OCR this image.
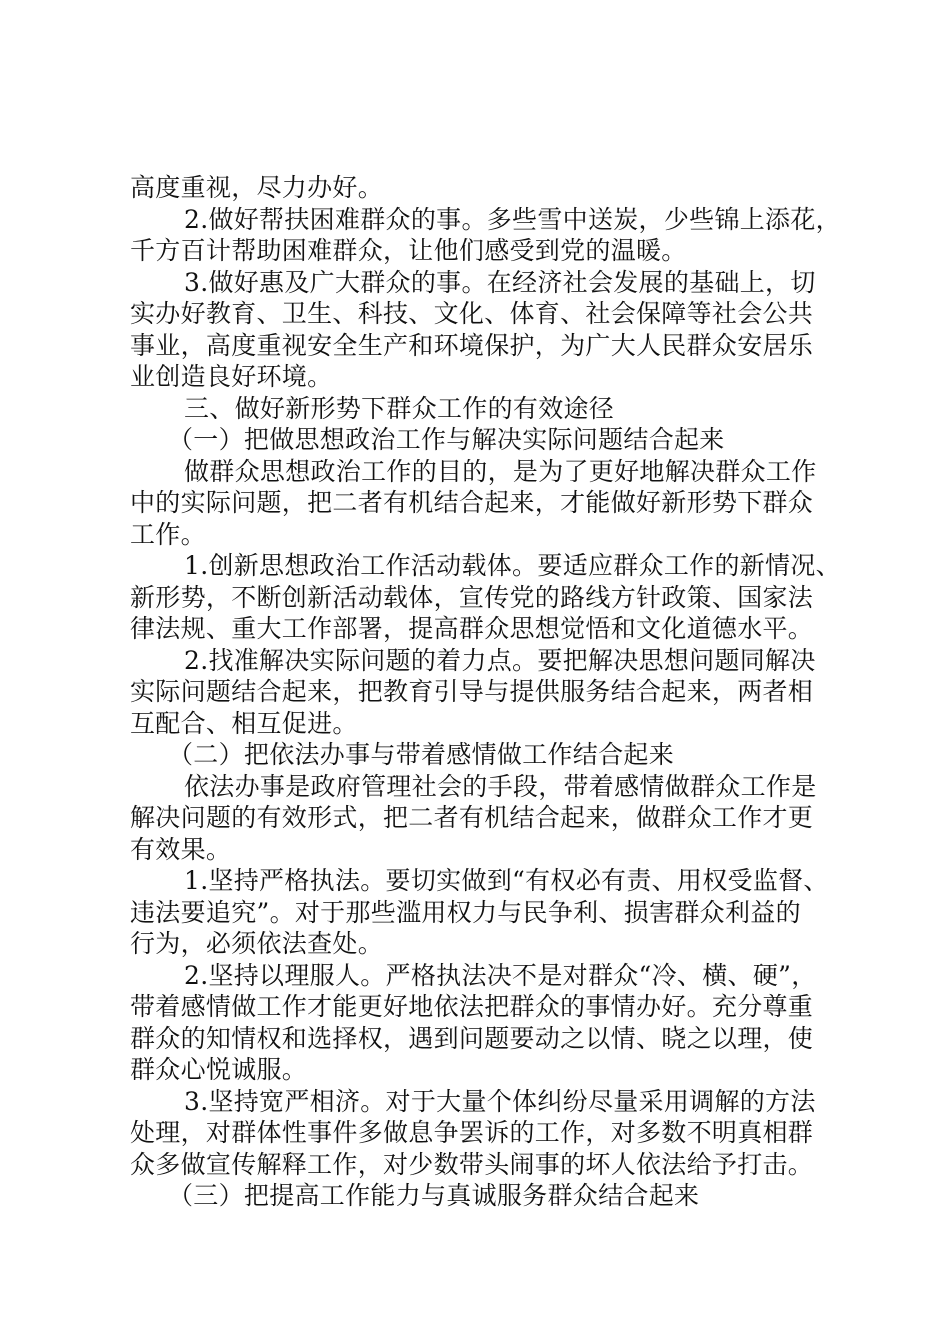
高度重视，尽力办好。
2.做好帮扶困难群众的事。多些雪中送炭，少些锦上添花，
千方百计帮助困难群众，让他们感受到党的温暖。
3.做好惠及广大群众的事。在经济社会发展的基础上，切
实办好教育、卫生、科技、文化、体育、社会保障等社会公共
事业，高度重视安全生产和环境保护，为广大人民群众安居乐
业创造良好环境。
三、做好新形势下群众工作的有效途径
（一）把做思想政治工作与解决实际问题结合起来
做群众思想政治工作的目的，是为了更好地解决群众工作
中的实际问题，把二者有机结合起来，才能做好新形势下群众
工作。
1.创新思想政治工作活动载体。要适应群众工作的新情况、
新形势，不断创新活动载体，宣传党的路线方针政策、国家法
律法规、重大工作部署，提高群众思想觉悟和文化道德水平。
2.找准解决实际问题的着力点。要把解决思想问题同解决
实际问题结合起来，把教育引导与提供服务结合起来，两者相
互配合、相互促进。
（二）把依法办事与带着感情做工作结合起来
依法办事是政府管理社会的手段，带着感情做群众工作是
解决问题的有效形式，把二者有机结合起来，做群众工作才更
有效果。
1.坚持严格执法。要切实做到“有权必有责、用权受监督、
违法要追究”。对于那些滥用权力与民争利、损害群众利益的
行为，必须依法查处。
2.坚持以理服人。严格执法决不是对群众“冷、横、硬”，
带着感情做工作才能更好地依法把群众的事情办好。充分尊重
群众的知情权和选择权，遇到问题要动之以情、晓之以理，使
群众心悦诚服。
3.坚持宽严相济。对于大量个体纠纷尽量采用调解的方法
处理，对群体性事件多做息争罢诉的工作，对多数不明真相群
众多做宣传解释工作，对少数带头闹事的坏人依法给予打击。
（三）把提高工作能力与真诚服务群众结合起来
